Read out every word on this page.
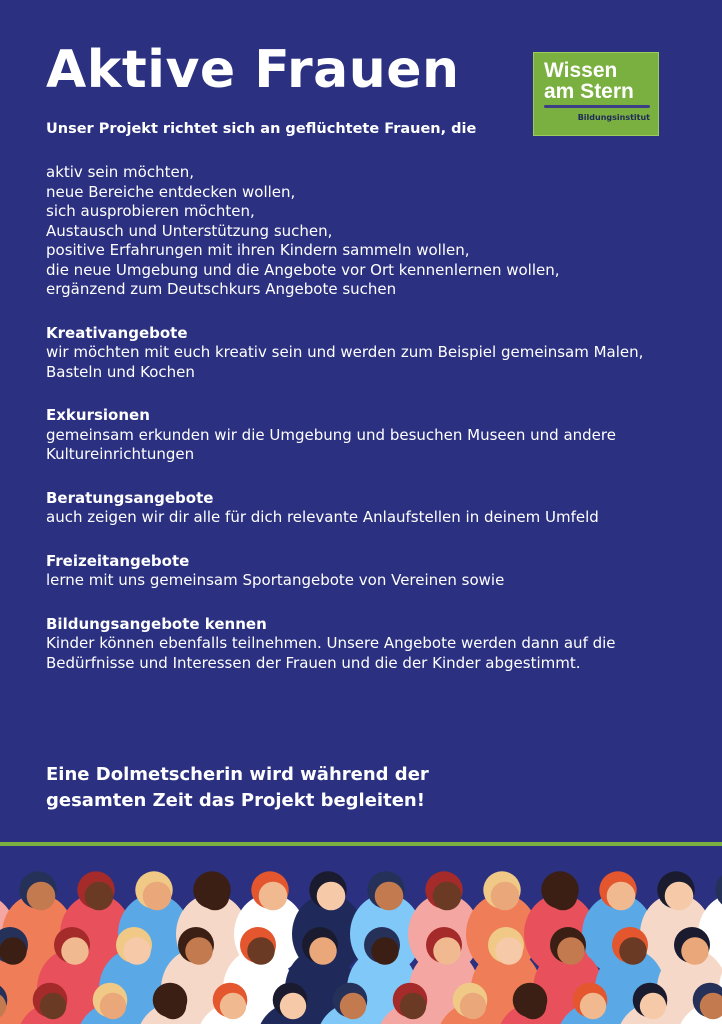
Aktive Frauen	Wissen
am Stern
Bildungsinstitut

Unser Projekt richtet sich an geflüchtete Frauen, die

aktiv sein möchten,
neue Bereiche entdecken wollen,
sich ausprobieren möchten,
Austausch und Unterstützung suchen,
positive Erfahrungen mit ihren Kindern sammeln wollen,
die neue Umgebung und die Angebote vor Ort kennenlernen wollen,
ergänzend zum Deutschkurs Angebote suchen
Kreativangebote

wir möchten mit euch kreativ sein und werden zum Beispiel gemeinsam Malen, Basteln und Kochen

Exkursionen

gemeinsam erkunden wir die Umgebung und besuchen Museen und andere Kultureinrichtungen

Beratungsangebote

auch zeigen wir dir alle für dich relevante Anlaufstellen in deinem Umfeld

Freizeitangebote

lerne mit uns gemeinsam Sportangebote von Vereinen sowie

Bildungsangebote kennen

Kinder können ebenfalls teilnehmen. Unsere Angebote werden dann auf die Bedürfnisse und Interessen der Frauen und die der Kinder abgestimmt.

Eine Dolmetscherin wird während der gesamten Zeit das Projekt begleiten!
